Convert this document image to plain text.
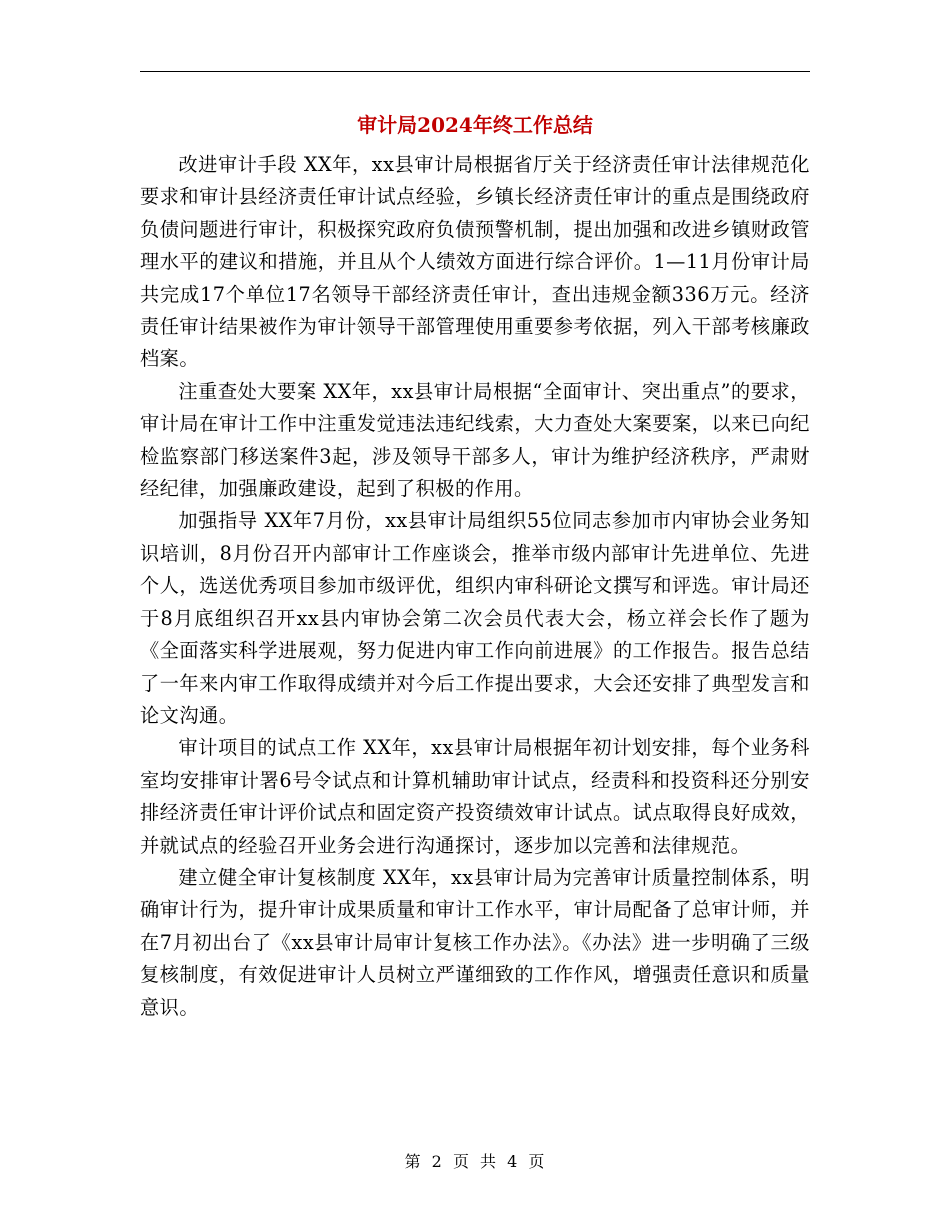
审计局2024年终工作总结

改进审计手段 XX年，xx县审计局根据省厅关于经济责任审计法律规范化要求和审计县经济责任审计试点经验，乡镇长经济责任审计的重点是围绕政府负债问题进行审计，积极探究政府负债预警机制，提出加强和改进乡镇财政管理水平的建议和措施，并且从个人绩效方面进行综合评价。1—11月份审计局共完成17个单位17名领导干部经济责任审计，查出违规金额336万元。经济责任审计结果被作为审计领导干部管理使用重要参考依据，列入干部考核廉政档案。

注重查处大要案 XX年，xx县审计局根据“全面审计、突出重点”的要求，审计局在审计工作中注重发觉违法违纪线索，大力查处大案要案，以来已向纪检监察部门移送案件3起，涉及领导干部多人，审计为维护经济秩序，严肃财经纪律，加强廉政建设，起到了积极的作用。

加强指导 XX年7月份，xx县审计局组织55位同志参加市内审协会业务知识培训，8月份召开内部审计工作座谈会，推举市级内部审计先进单位、先进个人，选送优秀项目参加市级评优，组织内审科研论文撰写和评选。审计局还于8月底组织召开xx县内审协会第二次会员代表大会，杨立祥会长作了题为《全面落实科学进展观，努力促进内审工作向前进展》的工作报告。报告总结了一年来内审工作取得成绩并对今后工作提出要求，大会还安排了典型发言和论文沟通。

审计项目的试点工作 XX年，xx县审计局根据年初计划安排，每个业务科室均安排审计署6号令试点和计算机辅助审计试点，经责科和投资科还分别安排经济责任审计评价试点和固定资产投资绩效审计试点。试点取得良好成效，并就试点的经验召开业务会进行沟通探讨，逐步加以完善和法律规范。

建立健全审计复核制度 XX年，xx县审计局为完善审计质量控制体系，明确审计行为，提升审计成果质量和审计工作水平，审计局配备了总审计师，并在7月初出台了《xx县审计局审计复核工作办法》。《办法》进一步明确了三级复核制度，有效促进审计人员树立严谨细致的工作作风，增强责任意识和质量意识。

第 2 页 共 4 页
